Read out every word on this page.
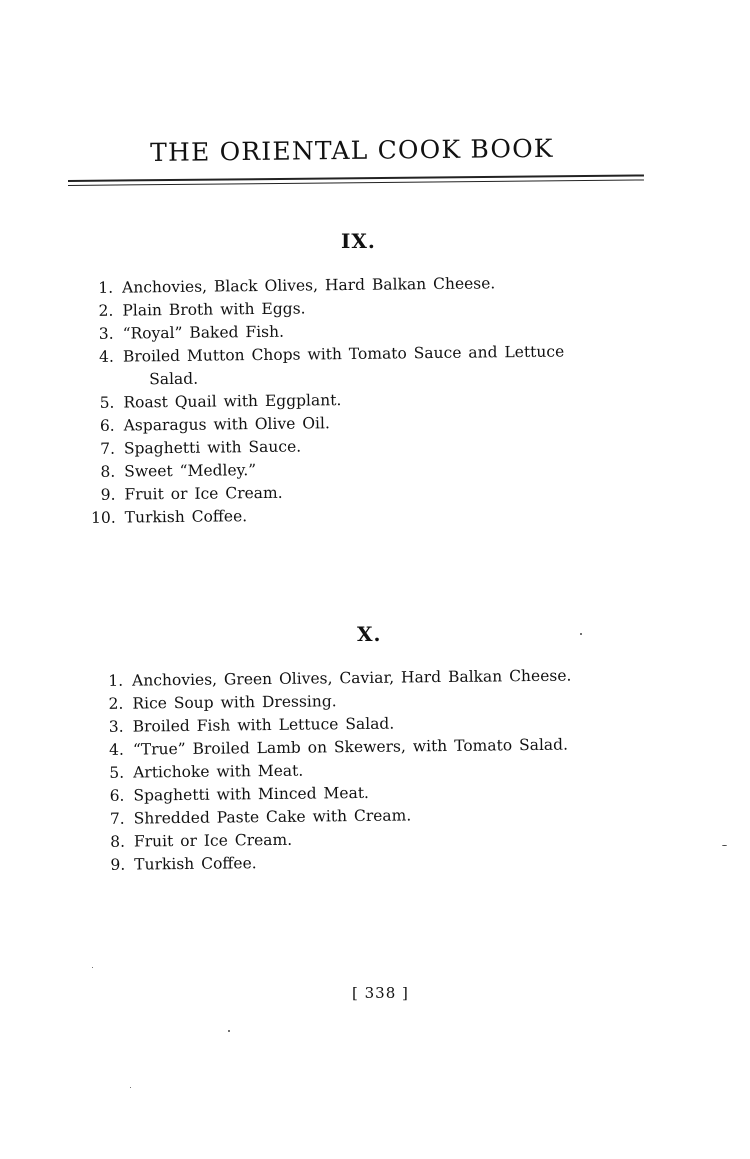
THE ORIENTAL COOK BOOK
IX.
1. Anchovies, Black Olives, Hard Balkan Cheese.
2. Plain Broth with Eggs.
3. “Royal” Baked Fish.
4. Broiled Mutton Chops with Tomato Sauce and Lettuce
Salad.
5. Roast Quail with Eggplant.
6. Asparagus with Olive Oil.
7. Spaghetti with Sauce.
8. Sweet “Medley.”
9. Fruit or Ice Cream.
10. Turkish Coffee.
X.
1. Anchovies, Green Olives, Caviar, Hard Balkan Cheese.
2. Rice Soup with Dressing.
3. Broiled Fish with Lettuce Salad.
4. “True” Broiled Lamb on Skewers, with Tomato Salad.
5. Artichoke with Meat.
6. Spaghetti with Minced Meat.
7. Shredded Paste Cake with Cream.
8. Fruit or Ice Cream.
9. Turkish Coffee.
[ 338 ]
